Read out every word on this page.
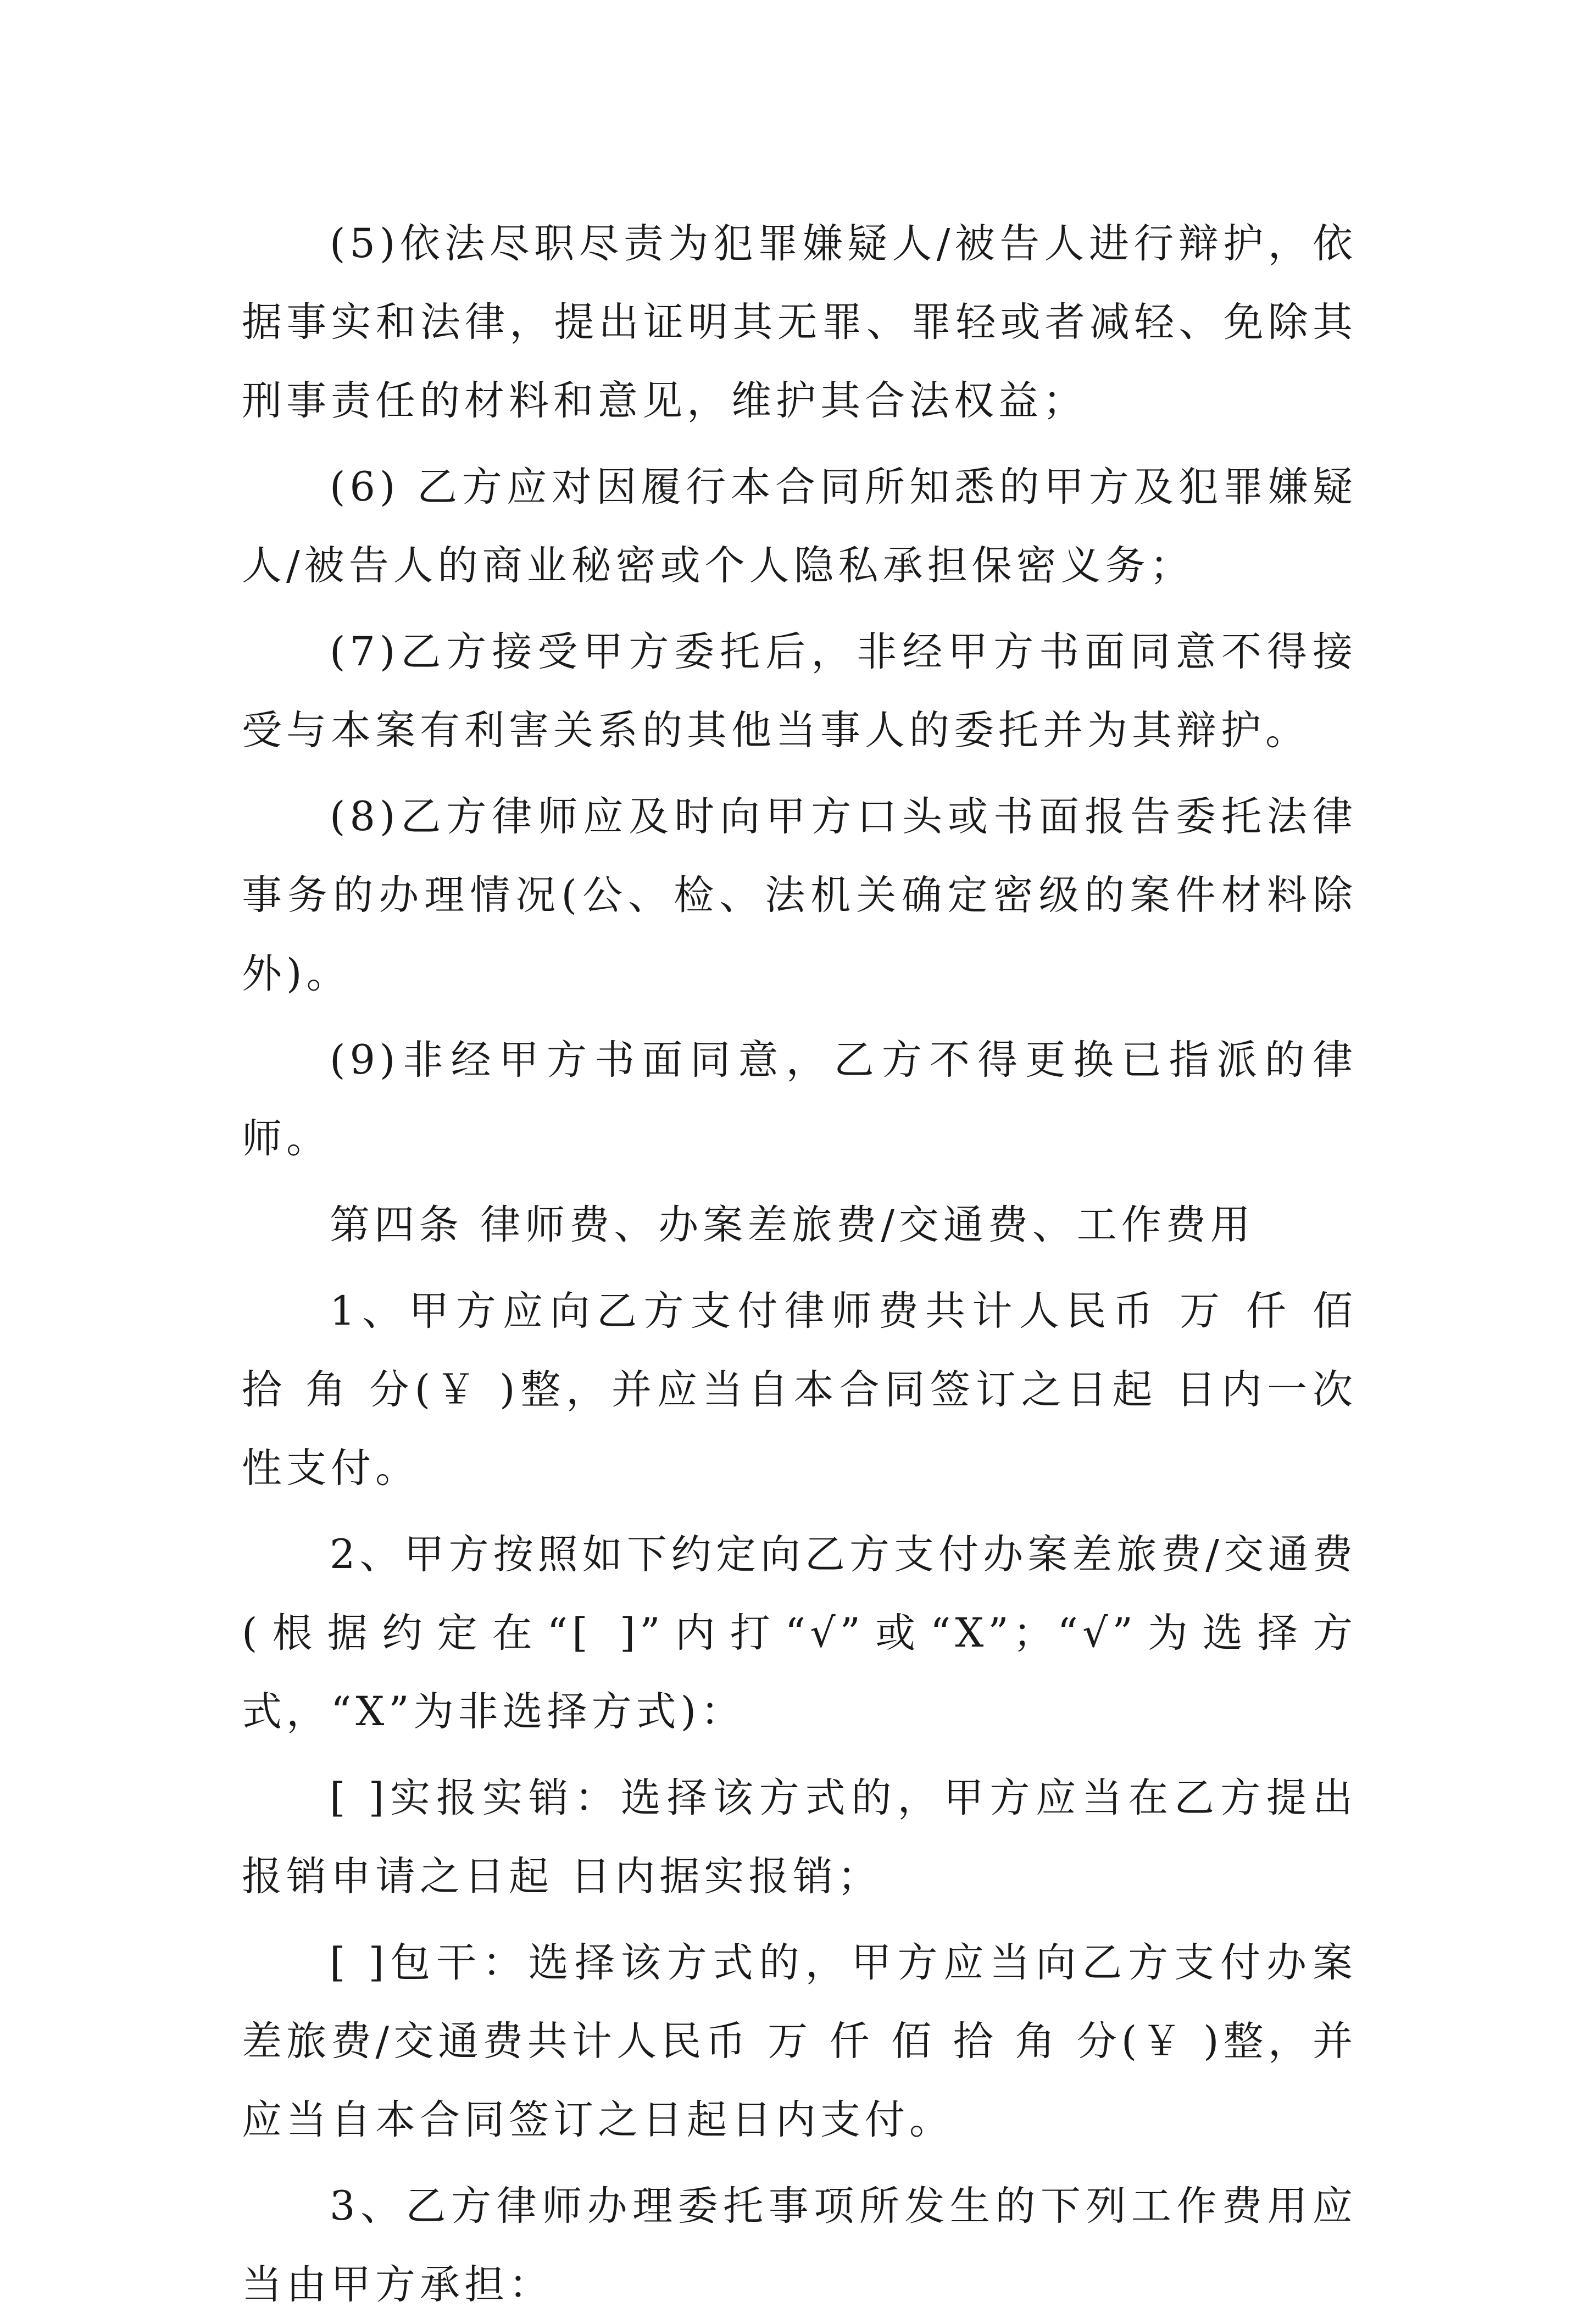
(5)依法尽职尽责为犯罪嫌疑人/被告人进行辩护，依据事实和法律，提出证明其无罪、罪轻或者减轻、免除其刑事责任的材料和意见，维护其合法权益；

(6) 乙方应对因履行本合同所知悉的甲方及犯罪嫌疑人/被告人的商业秘密或个人隐私承担保密义务；

(7)乙方接受甲方委托后，非经甲方书面同意不得接受与本案有利害关系的其他当事人的委托并为其辩护。

(8)乙方律师应及时向甲方口头或书面报告委托法律事务的办理情况(公、检、法机关确定密级的案件材料除外)。

(9)非经甲方书面同意，乙方不得更换已指派的律师。

第四条 律师费、办案差旅费/交通费、工作费用

1、甲方应向乙方支付律师费共计人民币 万 仟 佰 拾 角 分(￥ )整，并应当自本合同签订之日起 日内一次性支付。

2、甲方按照如下约定向乙方支付办案差旅费/交通费(根据约定在“[ ]”内打“√”或“X”；“√”为选择方式，“X”为非选择方式)：

[ ]实报实销：选择该方式的，甲方应当在乙方提出报销申请之日起 日内据实报销；

[ ]包干：选择该方式的，甲方应当向乙方支付办案差旅费/交通费共计人民币 万 仟 佰 拾 角 分(￥ )整，并应当自本合同签订之日起日内支付。

3、乙方律师办理委托事项所发生的下列工作费用应当由甲方承担：
